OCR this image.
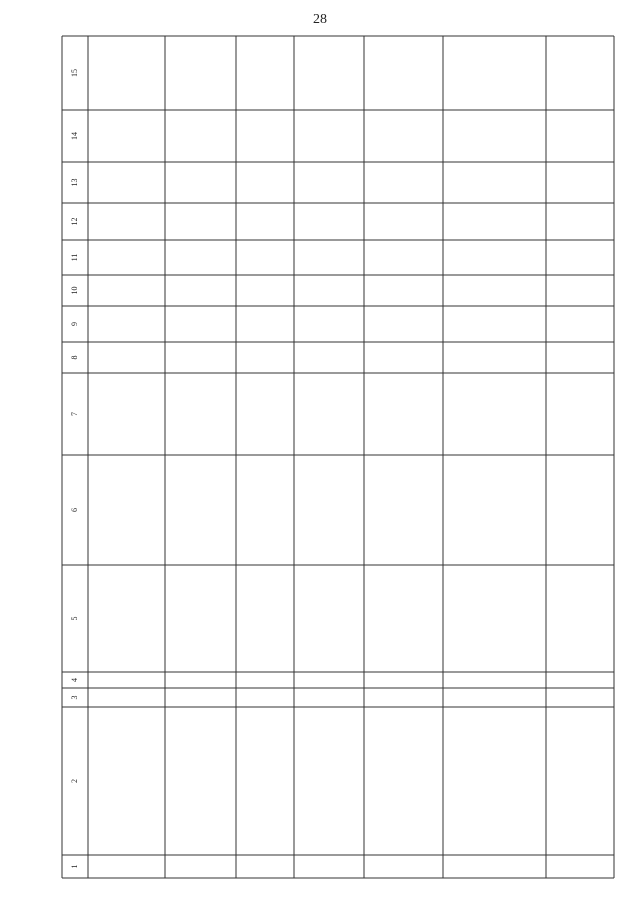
28
1
2
3
4
5
6
7
8
9
10
11
12
13
14
15
